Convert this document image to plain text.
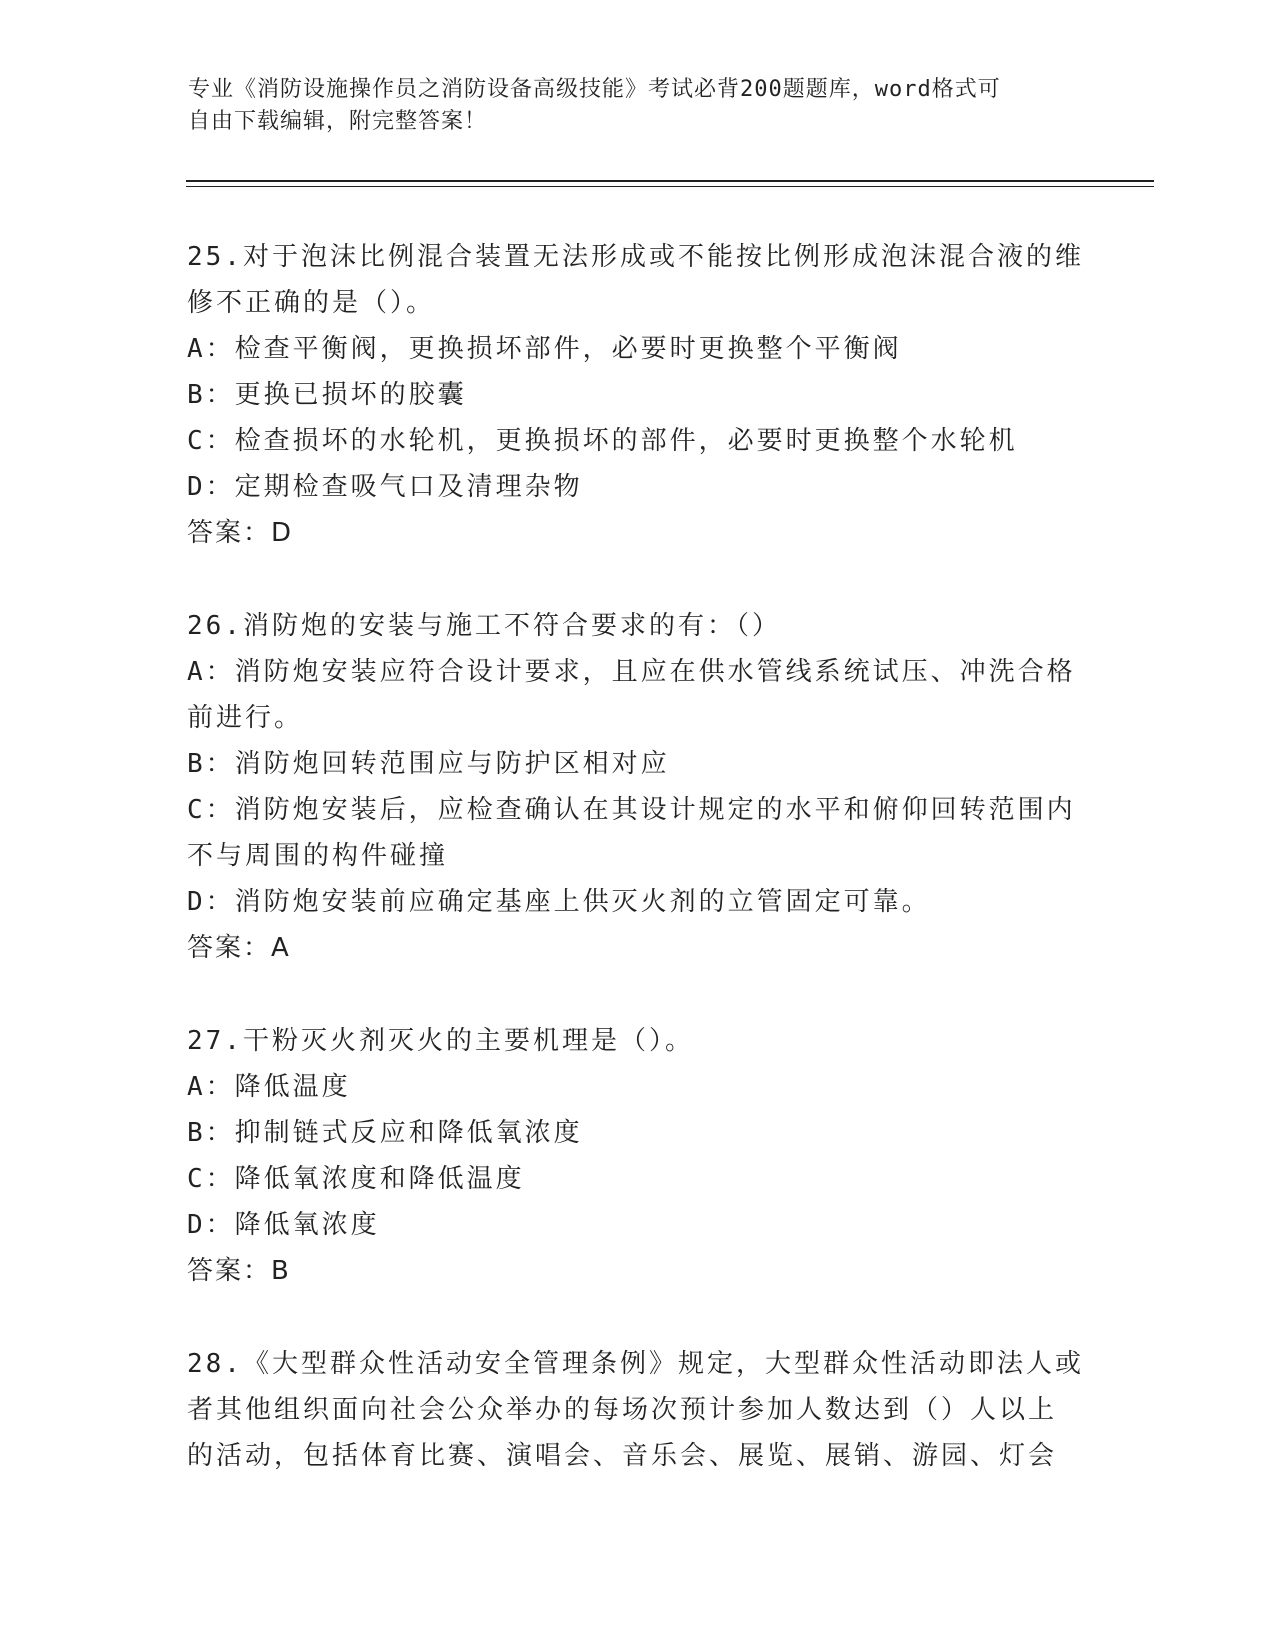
专业《消防设施操作员之消防设备高级技能》考试必背200题题库，word格式可
自由下载编辑，附完整答案！
25.对于泡沫比例混合装置无法形成或不能按比例形成泡沫混合液的维
修不正确的是（）。
A：检查平衡阀，更换损坏部件，必要时更换整个平衡阀
B：更换已损坏的胶囊
C：检查损坏的水轮机，更换损坏的部件，必要时更换整个水轮机
D：定期检查吸气口及清理杂物
答案：D
26.消防炮的安装与施工不符合要求的有：（）
A：消防炮安装应符合设计要求，且应在供水管线系统试压、冲洗合格
前进行。
B：消防炮回转范围应与防护区相对应
C：消防炮安装后，应检查确认在其设计规定的水平和俯仰回转范围内
不与周围的构件碰撞
D：消防炮安装前应确定基座上供灭火剂的立管固定可靠。
答案：A
27.干粉灭火剂灭火的主要机理是（）。
A：降低温度
B：抑制链式反应和降低氧浓度
C：降低氧浓度和降低温度
D：降低氧浓度
答案：B
28.《大型群众性活动安全管理条例》规定，大型群众性活动即法人或
者其他组织面向社会公众举办的每场次预计参加人数达到（）人以上
的活动，包括体育比赛、演唱会、音乐会、展览、展销、游园、灯会
